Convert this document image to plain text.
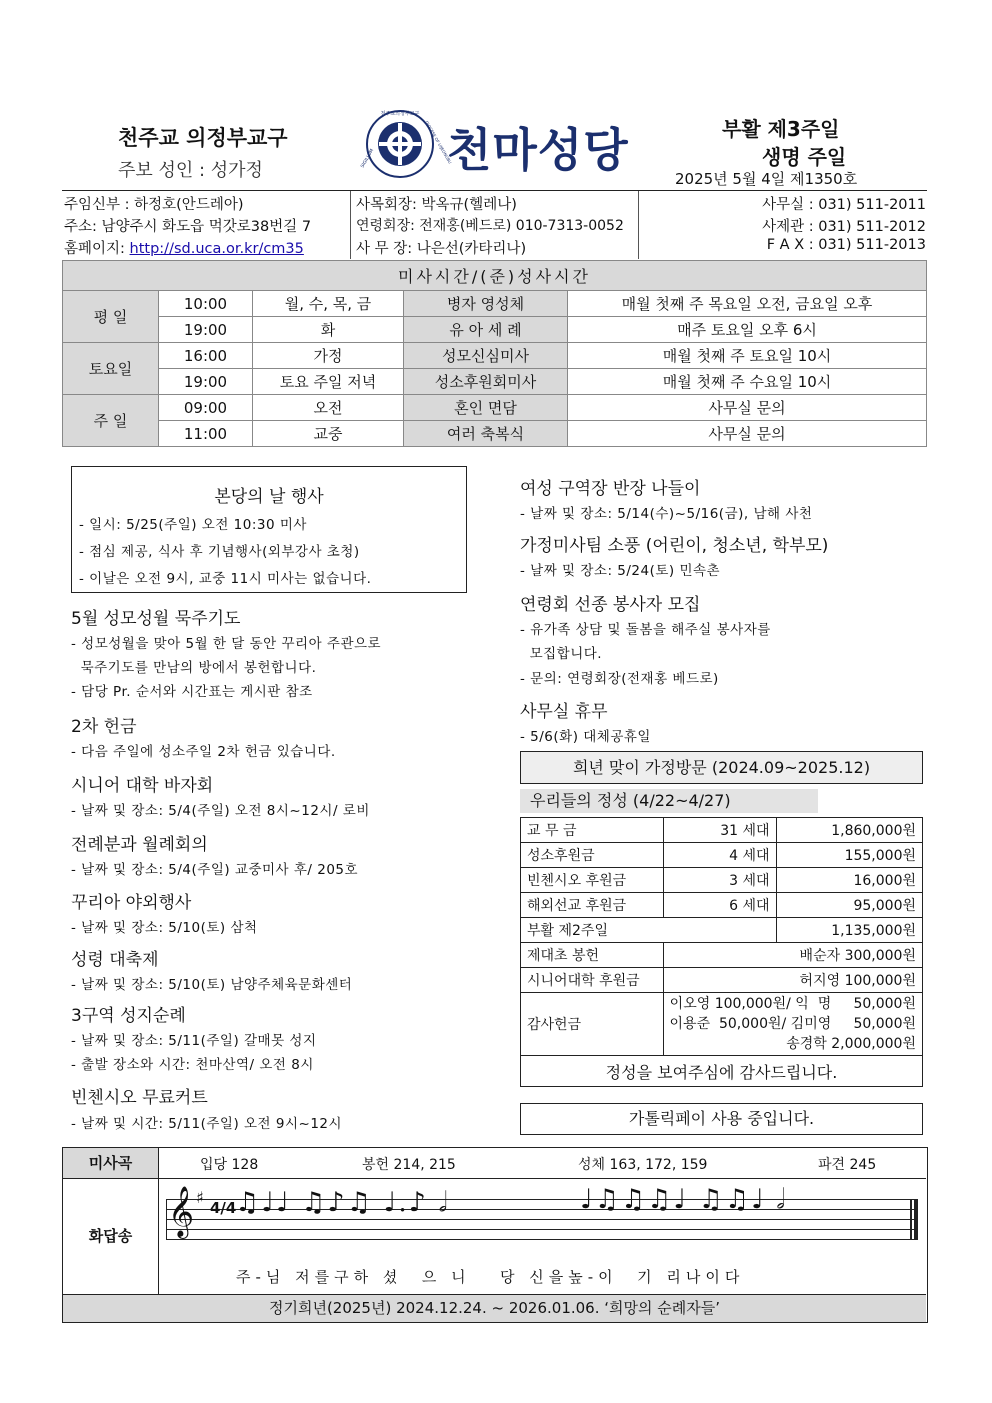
천주교 의정부교구
주보 성인 : 성가정
천주교의정부교구
SIGILLUM	DIOCESE OF UIJEONGBU
천마성당	부활 제3주일
생명 주일
2025년 5월 4일 제1350호
주임신부 : 하정호(안드레아)
주소: 남양주시 화도읍 먹갓로38번길 7
홈페이지: http://sd.uca.or.kr/cm35
사목회장: 박옥규(헬레나)
연령회장: 전재홍(베드로) 010-7313-0052
사 무 장: 나은선(카타리나)
사무실 : 031) 511-2011
사제관 : 031) 511-2012
F A X : 031) 511-2013
미사시간/(준)성사시간				
평 일	10:00	월, 수, 목, 금	병자 영성체	매월 첫째 주 목요일 오전, 금요일 오후
	19:00	화	유 아 세 례	매주 토요일 오후 6시
토요일	16:00	가정	성모신심미사	매월 첫째 주 토요일 10시
	19:00	토요 주일 저녁	성소후원회미사	매월 첫째 주 수요일 10시
주 일	09:00	오전	혼인 면담	사무실 문의
	11:00	교중	여러 축복식	사무실 문의
본당의 날 행사
- 일시: 5/25(주일) 오전 10:30 미사
- 점심 제공, 식사 후 기념행사(외부강사 초청)
- 이날은 오전 9시, 교중 11시 미사는 없습니다.
5월 성모성월 묵주기도
- 성모성월을 맞아 5월 한 달 동안 꾸리아 주관으로
묵주기도를 만남의 방에서 봉헌합니다.
- 담당 Pr. 순서와 시간표는 게시판 참조
2차 헌금
- 다음 주일에 성소주일 2차 헌금 있습니다.
시니어 대학 바자회
- 날짜 및 장소: 5/4(주일) 오전 8시~12시/ 로비
전례분과 월례회의
- 날짜 및 장소: 5/4(주일) 교중미사 후/ 205호
꾸리아 야외행사
- 날짜 및 장소: 5/10(토) 삼척
성령 대축제
- 날짜 및 장소: 5/10(토) 남양주체육문화센터
3구역 성지순례
- 날짜 및 장소: 5/11(주일) 갈매못 성지
- 출발 장소와 시간: 천마산역/ 오전 8시
빈첸시오 무료커트
- 날짜 및 시간: 5/11(주일) 오전 9시~12시
여성 구역장 반장 나들이
- 날짜 및 장소: 5/14(수)~5/16(금), 남해 사천
가정미사팀 소풍 (어린이, 청소년, 학부모)
- 날짜 및 장소: 5/24(토) 민속촌
연령회 선종 봉사자 모집
- 유가족 상담 및 돌봄을 해주실 봉사자를
모집합니다.
- 문의: 연령회장(전재홍 베드로)
사무실 휴무
- 5/6(화) 대체공휴일
희년 맞이 가정방문 (2024.09~2025.12)
우리들의 정성 (4/22~4/27)
교 무 금	31 세대	1,860,000원
성소후원금	4 세대	155,000원
빈첸시오 후원금	3 세대	16,000원
해외선교 후원금	6 세대	95,000원
부활 제2주일		1,135,000원
제대초 봉헌	배순자 300,000원	
시니어대학 후원금	허지영 100,000원	
감사헌금	이오영 100,000원/ 익  명     50,000원
이용준  50,000원/ 김미영     50,000원
송경학 2,000,000원	

정성을 보여주심에 감사드립니다.		
가톨릭페이 사용 중입니다.
미사곡	입당 128	봉헌 214, 215	성체 163, 172, 159	파견 245
화답송 𝄞 ♯
4/4
♫♩♩ ♫♪♫ ♩.♪ 𝅗𝅥	♩♫♫♫♩ ♫♫♩ 𝅗𝅥
주-님 저를구하 셨  으 니   당 신을높-이  기 리나이다
정기희년(2025년) 2024.12.24. ~ 2026.01.06. ‘희망의 순례자들’
